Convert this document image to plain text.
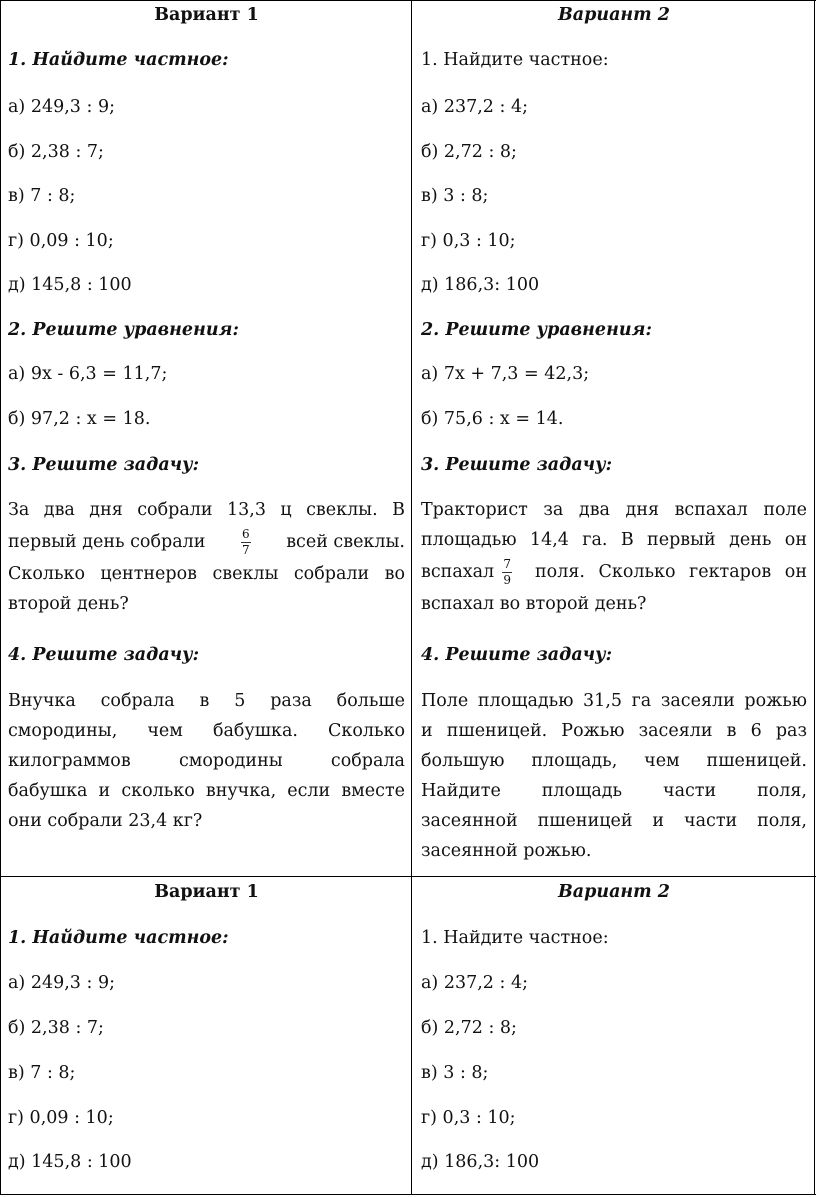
Вариант 1

1. Найдите частное:

а) 249,3 : 9;

б) 2,38 : 7;

в) 7 : 8;

г) 0,09 : 10;

д) 145,8 : 100

2. Решите уравнения:

а) 9х - 6,3 = 11,7;

б) 97,2 : х = 18.

3. Решите задачу:

За два дня собрали 13,3 ц свеклы. В
первый день собрали	$\frac{6}{7}$ всей свеклы.
Сколько центнеров свеклы собрали во
второй день?

4. Решите задачу:

Внучка собрала в 5 раза больше
смородины, чем бабушка. Сколько
килограммов смородины собрала
бабушка и сколько внучка, если вместе
они собрали 23,4 кг?

Вариант 2

1. Найдите частное:

а) 237,2 : 4;

б) 2,72 : 8;

в) 3 : 8;

г) 0,3 : 10;

д) 186,3: 100

2. Решите уравнения:

а) 7х + 7,3 = 42,3;

б) 75,6 : х = 14.

3. Решите задачу:

Тракторист за два дня вспахал поле
площадью 14,4 га. В первый день он
вспахал $\frac{7}{9}$ поля. Сколько гектаров он
вспахал во второй день?

4. Решите задачу:

Поле площадью 31,5 га засеяли рожью
и пшеницей. Рожью засеяли в 6 раз
большую площадь, чем пшеницей.
Найдите площадь части поля,
засеянной пшеницей и части поля,
засеянной рожью.

Вариант 1

1. Найдите частное:

а) 249,3 : 9;

б) 2,38 : 7;

в) 7 : 8;

г) 0,09 : 10;

д) 145,8 : 100

Вариант 2

1. Найдите частное:

а) 237,2 : 4;

б) 2,72 : 8;

в) 3 : 8;

г) 0,3 : 10;

д) 186,3: 100
